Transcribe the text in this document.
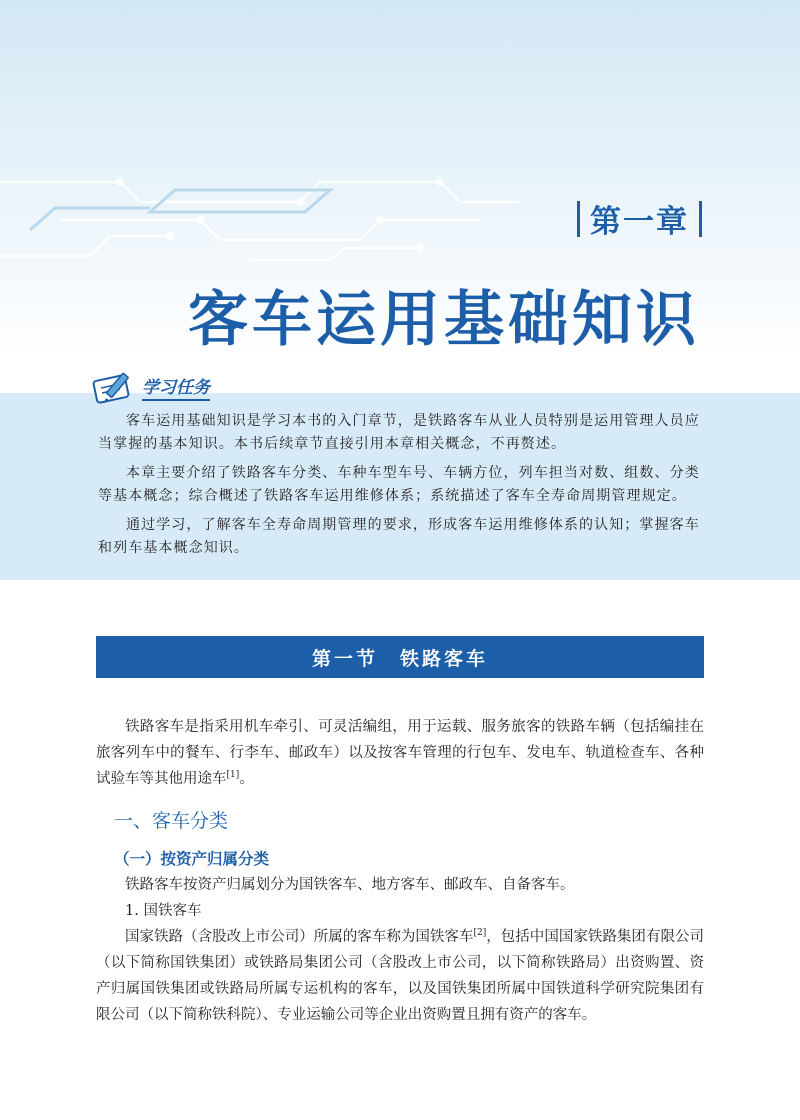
第一章
客车运用基础知识
学习任务

客车运用基础知识是学习本书的入门章节，是铁路客车从业人员特别是运用管理人员应当掌握的基本知识。本书后续章节直接引用本章相关概念，不再赘述。

本章主要介绍了铁路客车分类、车种车型车号、车辆方位，列车担当对数、组数、分类等基本概念；综合概述了铁路客车运用维修体系；系统描述了客车全寿命周期管理规定。

通过学习，了解客车全寿命周期管理的要求，形成客车运用维修体系的认知；掌握客车和列车基本概念知识。

第一节 铁路客车

铁路客车是指采用机车牵引、可灵活编组，用于运载、服务旅客的铁路车辆（包括编挂在旅客列车中的餐车、行李车、邮政车）以及按客车管理的行包车、发电车、轨道检查车、各种试验车等其他用途车[1]。

一、客车分类
（一）按资产归属分类

铁路客车按资产归属划分为国铁客车、地方客车、邮政车、自备客车。

1. 国铁客车

国家铁路（含股改上市公司）所属的客车称为国铁客车[2]，包括中国国家铁路集团有限公司（以下简称国铁集团）或铁路局集团公司（含股改上市公司，以下简称铁路局）出资购置、资产归属国铁集团或铁路局所属专运机构的客车，以及国铁集团所属中国铁道科学研究院集团有限公司（以下简称铁科院）、专业运输公司等企业出资购置且拥有资产的客车。
